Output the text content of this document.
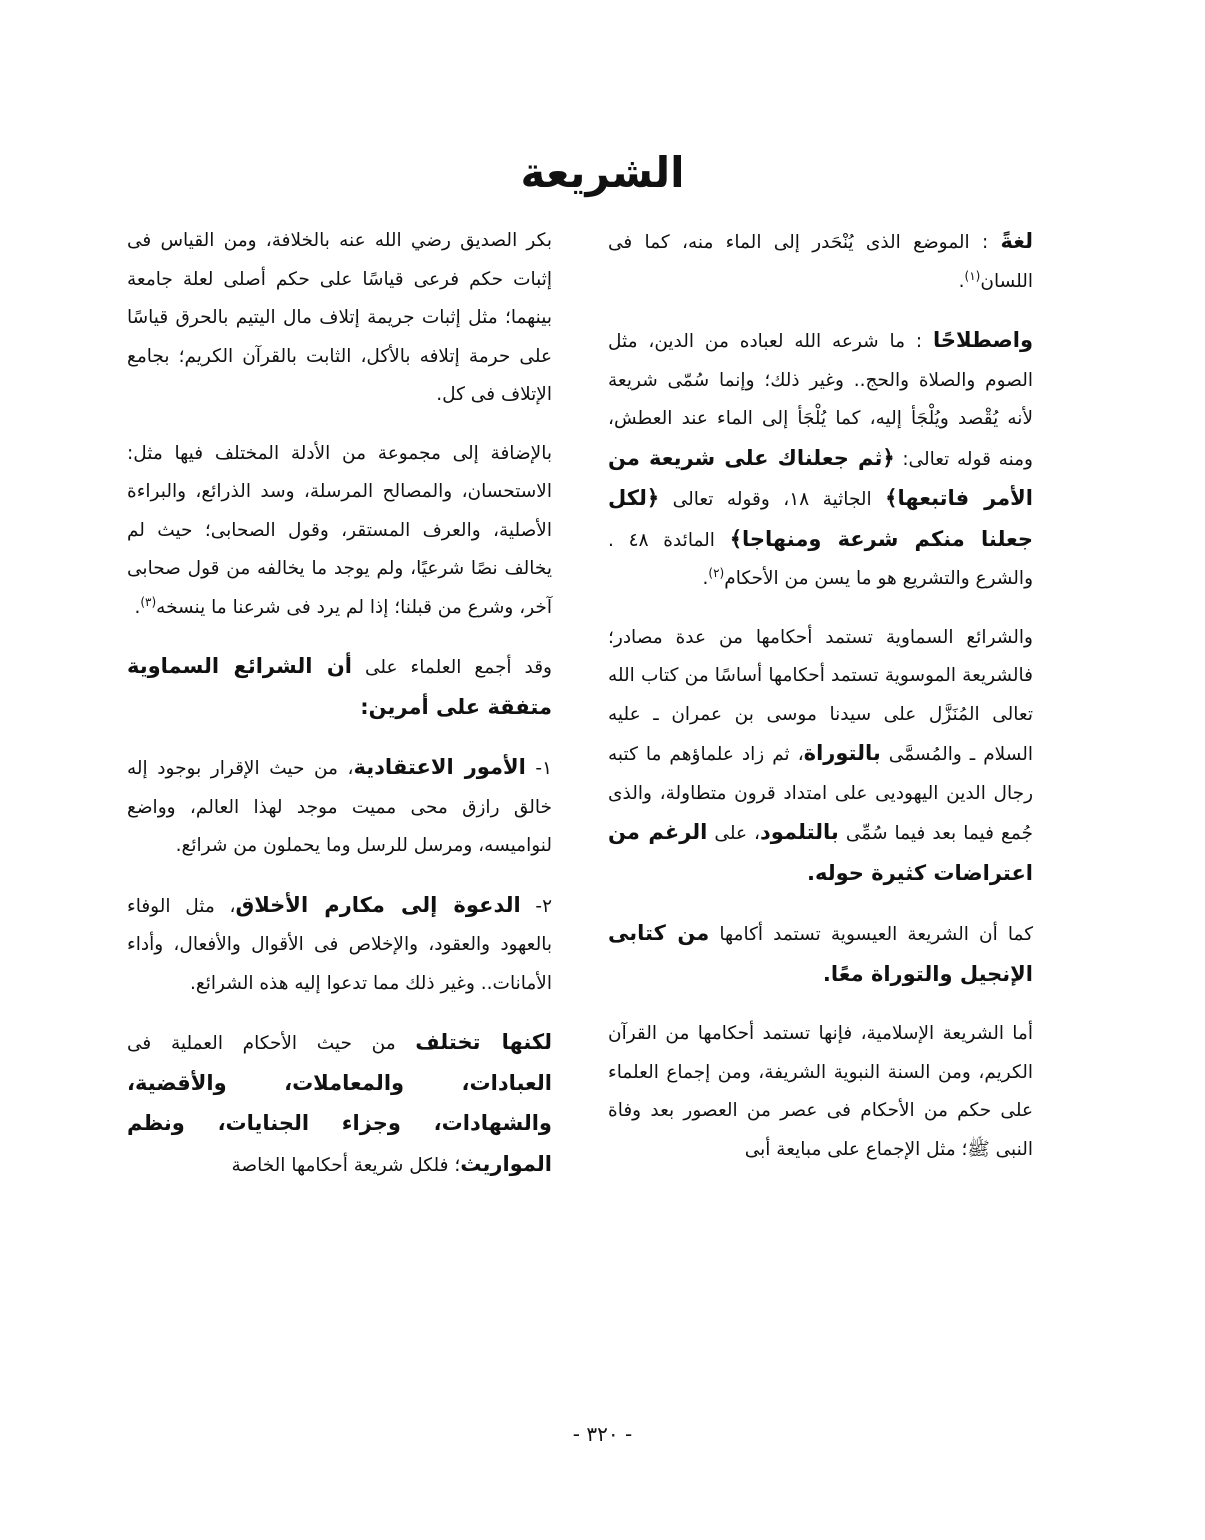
الشريعة

لغةً : الموضع الذى يُنْحَدر إلى الماء منه، كما فى اللسان$^{(١)}$.

واصطلاحًا : ما شرعه الله لعباده من الدين، مثل الصوم والصلاة والحج.. وغير ذلك؛ وإنما سُمّى شريعة لأنه يُقْصد ويُلْجَأ إليه، كما يُلْجَأ إلى الماء عند العطش، ومنه قوله تعالى: ﴿ثم جعلناك على شريعة من الأمر فاتبعها﴾ الجاثية ١٨، وقوله تعالى ﴿لكل جعلنا منكم شرعة ومنهاجا﴾ المائدة ٤٨ . والشرع والتشريع هو ما يسن من الأحكام$^{(٢)}$.

والشرائع السماوية تستمد أحكامها من عدة مصادر؛ فالشريعة الموسوية تستمد أحكامها أساسًا من كتاب الله تعالى المُنَزَّل على سيدنا موسى بن عمران ـ عليه السلام ـ والمُسمَّى بالتوراة، ثم زاد علماؤهم ما كتبه رجال الدين اليهوديى على امتداد قرون متطاولة، والذى جُمع فيما بعد فيما سُمِّى بالتلمود، على الرغم من اعتراضات كثيرة حوله.

كما أن الشريعة العيسوية تستمد أكامها من كتابى الإنجيل والتوراة معًا.

أما الشريعة الإسلامية، فإنها تستمد أحكامها من القرآن الكريم، ومن السنة النبوية الشريفة، ومن إجماع العلماء على حكم من الأحكام فى عصر من العصور بعد وفاة النبى ﷺ؛ مثل الإجماع على مبايعة أبى

بكر الصديق رضي الله عنه بالخلافة، ومن القياس فى إثبات حكم فرعى قياسًا على حكم أصلى لعلة جامعة بينهما؛ مثل إثبات جريمة إتلاف مال اليتيم بالحرق قياسًا على حرمة إتلافه بالأكل، الثابت بالقرآن الكريم؛ بجامع الإتلاف فى كل.

بالإضافة إلى مجموعة من الأدلة المختلف فيها مثل: الاستحسان، والمصالح المرسلة، وسد الذرائع، والبراءة الأصلية، والعرف المستقر، وقول الصحابى؛ حيث لم يخالف نصًا شرعيًا، ولم يوجد ما يخالفه من قول صحابى آخر، وشرع من قبلنا؛ إذا لم يرد فى شرعنا ما ينسخه$^{(٣)}$.

وقد أجمع العلماء على أن الشرائع السماوية متفقة على أمرين:

١- الأمور الاعتقادية، من حيث الإقرار بوجود إله خالق رازق محى مميت موجد لهذا العالم، وواضع لنواميسه، ومرسل للرسل وما يحملون من شرائع.

٢- الدعوة إلى مكارم الأخلاق، مثل الوفاء بالعهود والعقود، والإخلاص فى الأقوال والأفعال، وأداء الأمانات.. وغير ذلك مما تدعوا إليه هذه الشرائع.

لكنها تختلف من حيث الأحكام العملية فى العبادات، والمعاملات، والأقضية، والشهادات، وجزاء الجنايات، ونظم المواريث؛ فلكل شريعة أحكامها الخاصة

- ٣٢٠ -
